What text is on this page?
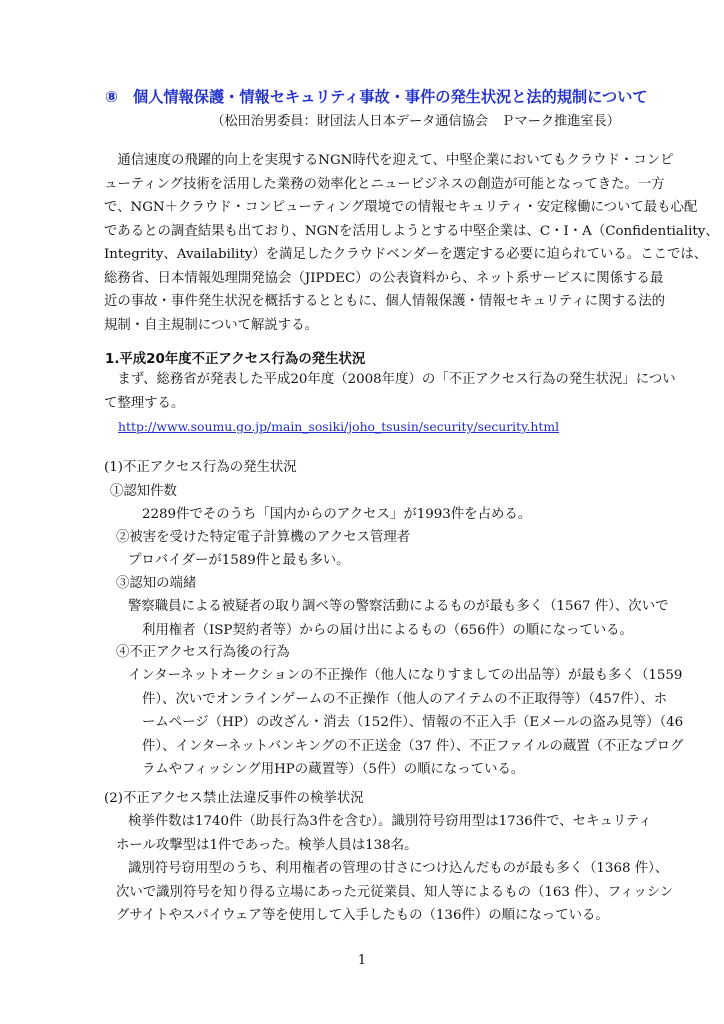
⑧　個人情報保護・情報セキュリティ事故・事件の発生状況と法的規制について
（松田治男委員：財団法人日本データ通信協会　Ｐマーク推進室長）
　通信速度の飛躍的向上を実現するNGN時代を迎えて、中堅企業においてもクラウド・コンピ
ューティング技術を活用した業務の効率化とニュービジネスの創造が可能となってきた。一方
で、NGN＋クラウド・コンピューティング環境での情報セキュリティ・安定稼働について最も心配
であるとの調査結果も出ており、NGNを活用しようとする中堅企業は、C・I・A（Confidentiality、
Integrity、Availability）を満足したクラウドベンダーを選定する必要に迫られている。ここでは、
総務省、日本情報処理開発協会（JIPDEC）の公表資料から、ネット系サービスに関係する最
近の事故・事件発生状況を概括するとともに、個人情報保護・情報セキュリティに関する法的
規制・自主規制について解説する。
1.平成20年度不正アクセス行為の発生状況
　まず、総務省が発表した平成20年度（2008年度）の「不正アクセス行為の発生状況」につい
て整理する。
http://www.soumu.go.jp/main_sosiki/joho_tsusin/security/security.html
(1)不正アクセス行為の発生状況
①認知件数
2289件でそのうち「国内からのアクセス」が1993件を占める。
②被害を受けた特定電子計算機のアクセス管理者
プロバイダーが1589件と最も多い。
③認知の端緒
警察職員による被疑者の取り調べ等の警察活動によるものが最も多く（1567 件）、次いで
利用権者（ISP契約者等）からの届け出によるもの（656件）の順になっている。
④不正アクセス行為後の行為
インターネットオークションの不正操作（他人になりすましての出品等）が最も多く（1559
件）、次いでオンラインゲームの不正操作（他人のアイテムの不正取得等）（457件）、ホ
ームページ（HP）の改ざん・消去（152件）、情報の不正入手（Eメールの盗み見等）（46
件）、インターネットバンキングの不正送金（37 件）、不正ファイルの蔵置（不正なプログ
ラムやフィッシング用HPの蔵置等）（5件）の順になっている。
(2)不正アクセス禁止法違反事件の検挙状況
検挙件数は1740件（助長行為3件を含む）。識別符号窃用型は1736件で、セキュリティ
ホール攻撃型は1件であった。検挙人員は138名。
識別符号窃用型のうち、利用権者の管理の甘さにつけ込んだものが最も多く（1368 件）、
次いで識別符号を知り得る立場にあった元従業員、知人等によるもの（163 件）、フィッシン
グサイトやスパイウェア等を使用して入手したもの（136件）の順になっている。
1
